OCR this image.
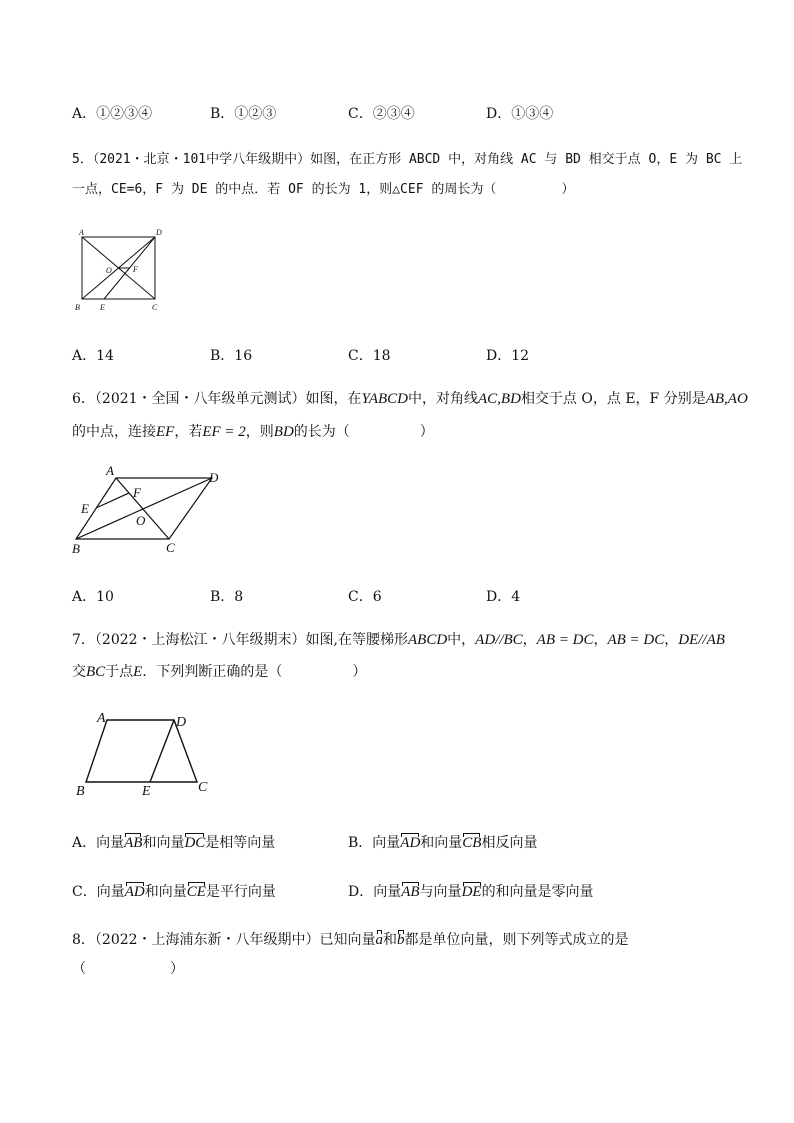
A．①②③④	B．①②③	C．②③④	D．①③④
5．（2021・北京・101中学八年级期中）如图，在正方形 ABCD 中，对角线 AC 与 BD 相交于点 O，E 为 BC 上
一点，CE=6，F 为 DE 的中点．若 OF 的长为 1，则△CEF 的周长为（　　　　　）
A	D
O	F
B	E	C
A．14	B．16	C．18	D．12
6．（2021・全国・八年级单元测试）如图，在YABCD中，对角线AC,BD相交于点 O，点 E，F 分别是AB,AO
的中点，连接EF，若EF = 2，则BD的长为（　　　　　）
A	D
F
E
O
B	C
A．10	B．8	C．6	D．4
7．（2022・上海松江・八年级期末）如图,在等腰梯形ABCD中，AD//BC，AB = DC，AB = DC，DE//AB
交BC于点E．下列判断正确的是（　　　　　）
A	D
B	E	C
A．向量AB和向量DC是相等向量	B．向量AD和向量CB相反向量
C．向量AD和向量CE是平行向量	D．向量AB与向量DE的和向量是零向量
8．（2022・上海浦东新・八年级期中）已知向量a和b都是单位向量，则下列等式成立的是
（　　　　　　）
